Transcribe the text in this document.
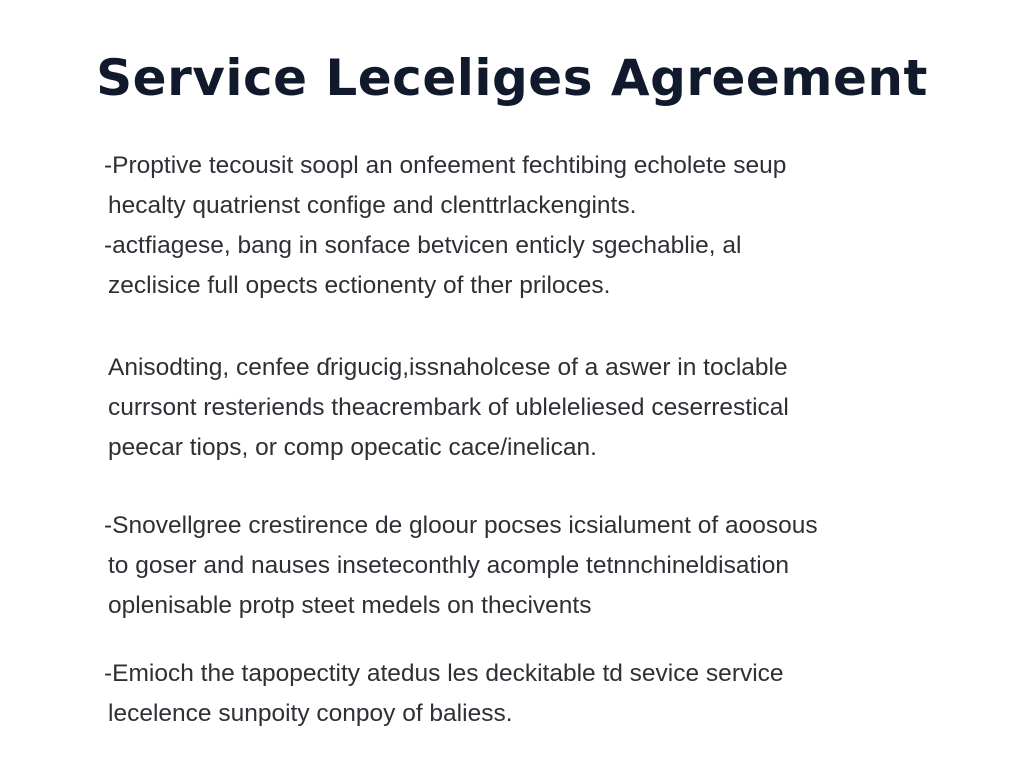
Service Leceliges Agreement

-Proptive tecousit soopl an onfeement fechtibing echolete seup
hecalty quatrienst confige and clenttrlackengints.

-actfiagese, bang in sonface betvicen enticly sgechablie, al
zeclisice full opects ectionenty of ther priloces.

Anisodting, cenfee ɗrigucig,issnaholcese of a aswer in toclable
currsont resteriends theacrembark of ubleleliesed ceserrestical
peecar tiops, or comp opecatic cace/inelican.

-Snovellgree crestirence de gloour pocses icsialument of aoosous
to goser and nauses inseteconthly acomple tetnnchineldisation
oplenisable protp steet medels on thecivents

-Emioch the tapopectity atedus les deckitable td sevice service
lecelence sunpoity conpoy of baliess.
